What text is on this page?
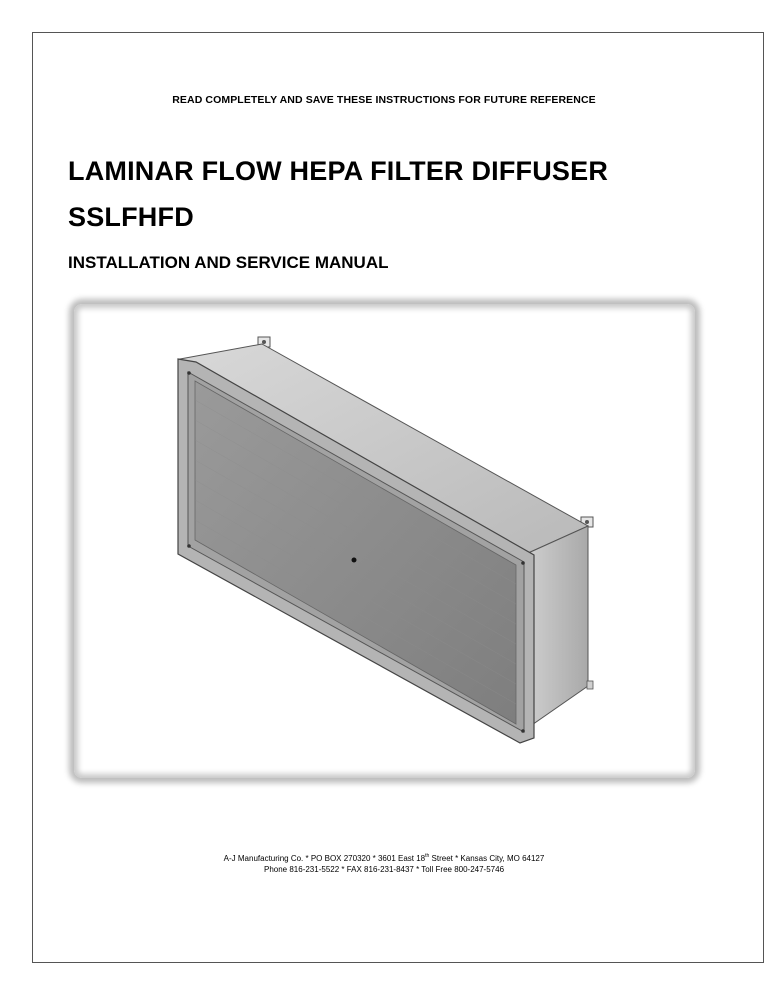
READ COMPLETELY AND SAVE THESE INSTRUCTIONS FOR FUTURE REFERENCE
LAMINAR FLOW HEPA FILTER DIFFUSER
SSLFHFD
INSTALLATION AND SERVICE MANUAL
A-J Manufacturing Co. * PO BOX 270320 * 3601 East 18th Street * Kansas City, MO 64127
Phone 816-231-5522 * FAX 816-231-8437 * Toll Free 800-247-5746
